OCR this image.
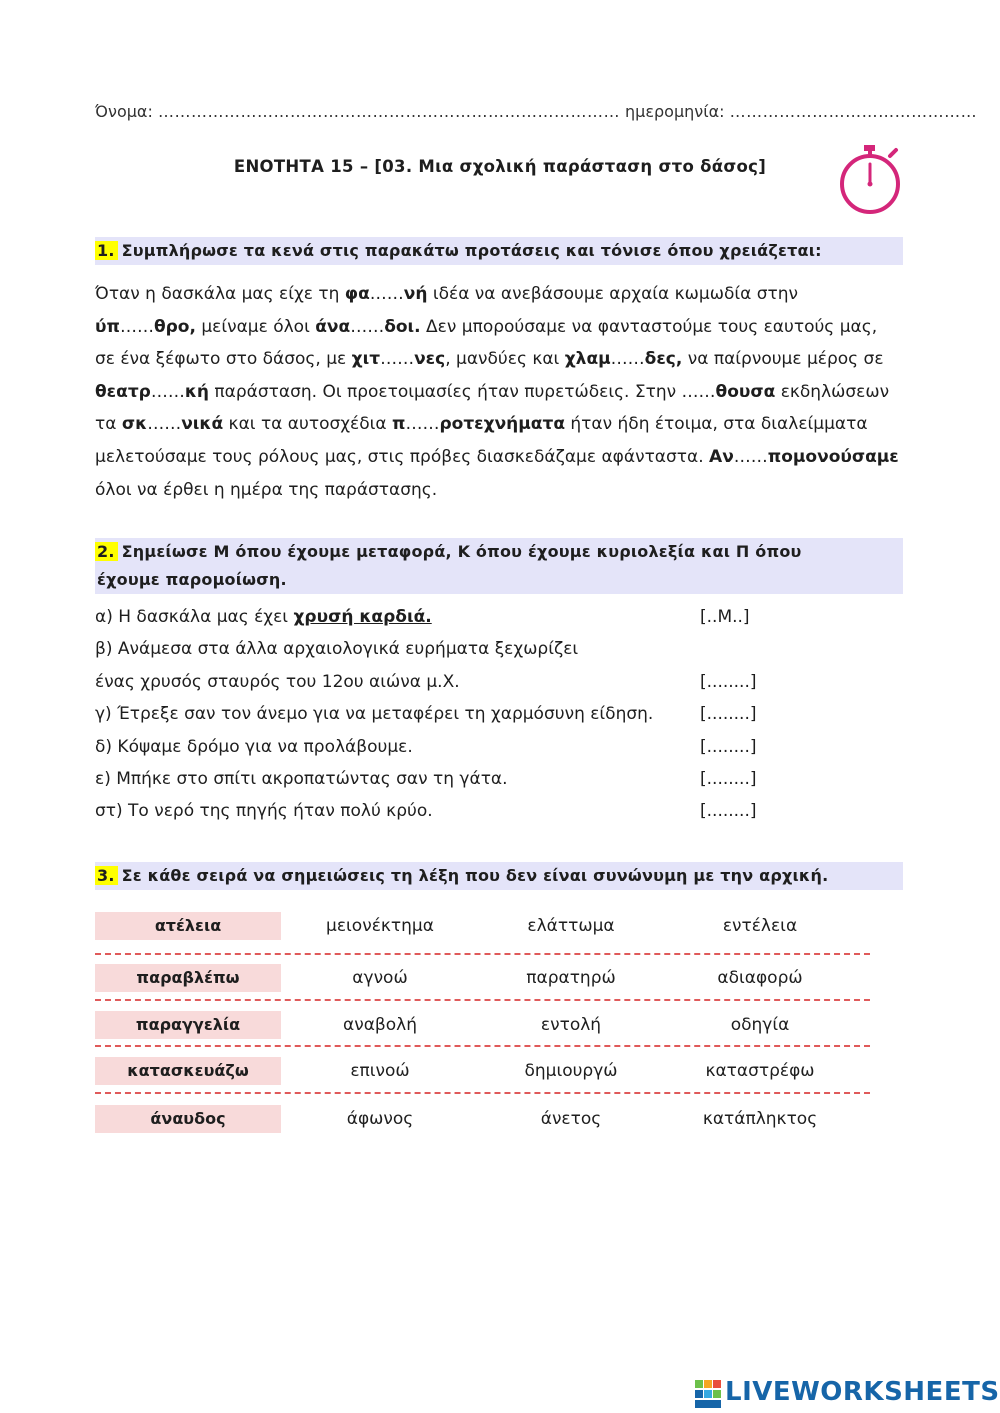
Όνομα: ………………………………………………………………………… ημερομηνία: ………………………………………
ΕΝΟΤΗΤΑ 15 – [03. Μια σχολική παράσταση στο δάσος]
1. Συμπλήρωσε τα κενά στις παρακάτω προτάσεις και τόνισε όπου χρειάζεται:
Όταν η δασκάλα μας είχε τη φα……νή ιδέα να ανεβάσουμε αρχαία κωμωδία στην
ύπ……θρο, μείναμε όλοι άνα……δοι. Δεν μπορούσαμε να φανταστούμε τους εαυτούς μας,
σε ένα ξέφωτο στο δάσος, με χιτ……νες, μανδύες και χλαμ……δες, να παίρνουμε μέρος σε
θεατρ……κή παράσταση. Οι προετοιμασίες ήταν πυρετώδεις. Στην ……θουσα εκδηλώσεων
τα σκ……νικά και τα αυτοσχέδια π……ροτεχνήματα ήταν ήδη έτοιμα, στα διαλείμματα
μελετούσαμε τους ρόλους μας, στις πρόβες διασκεδάζαμε αφάνταστα. Αν……πομονούσαμε
όλοι να έρθει η ημέρα της παράστασης.
2. Σημείωσε Μ όπου έχουμε μεταφορά, Κ όπου έχουμε κυριολεξία και Π όπου
έχουμε παρομοίωση.
α) Η δασκάλα μας έχει χρυσή καρδιά.	[..Μ..]
β) Ανάμεσα στα άλλα αρχαιολογικά ευρήματα ξεχωρίζει
ένας χρυσός σταυρός του 12ου αιώνα μ.Χ.	[........]
γ) Έτρεξε σαν τον άνεμο για να μεταφέρει τη χαρμόσυνη είδηση.	[........]
δ) Κόψαμε δρόμο για να προλάβουμε.	[........]
ε) Μπήκε στο σπίτι ακροπατώντας σαν τη γάτα.	[........]
στ) Το νερό της πηγής ήταν πολύ κρύο.	[........]
3. Σε κάθε σειρά να σημειώσεις τη λέξη που δεν είναι συνώνυμη με την αρχική.
ατέλεια	μειονέκτημα	ελάττωμα	εντέλεια
παραβλέπω	αγνοώ	παρατηρώ	αδιαφορώ
παραγγελία	αναβολή	εντολή	οδηγία
κατασκευάζω	επινοώ	δημιουργώ	καταστρέφω
άναυδος	άφωνος	άνετος	κατάπληκτος
LIVEWORKSHEETS
